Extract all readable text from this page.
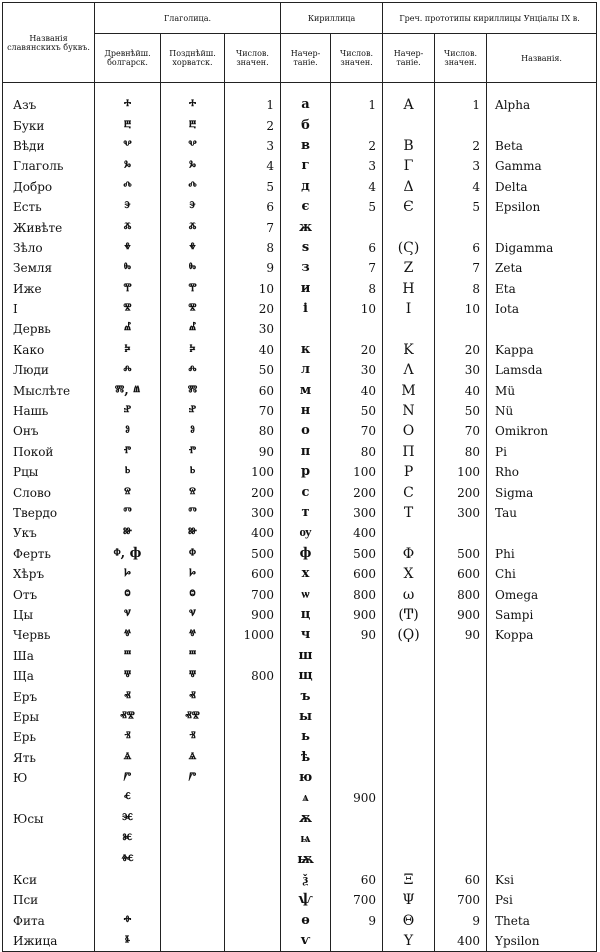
Названія славянскихъ буквъ.	Глаголица.			Кириллица		Греч. прототипы кириллицы Унціалы IX в.		
	Древнѣйш. болгарск.	Позднѣйш. хорватск.	Числов. значен.	Начер- таніе.	Числов. значен.	Начер- таніе.	Числов. значен.	Названія.
Азъ	ⰰ	ⰰ	1	а	1	Α	1	Alpha
Буки	ⰱ	ⰱ	2	б				
Вѣди	ⰲ	ⰲ	3	в	2	Β	2	Beta
Глаголь	ⰳ	ⰳ	4	г	3	Γ	3	Gamma
Добро	ⰴ	ⰴ	5	д	4	Δ	4	Delta
Есть	ⰵ	ⰵ	6	є	5	Є	5	Epsilon
Живѣте	ⰶ	ⰶ	7	ж				
Зѣло	ⰷ	ⰷ	8	ѕ	6	(Ϛ)	6	Digamma
Земля	ⰸ	ⰸ	9	з	7	Ζ	7	Zeta
Иже	ⰹ	ⰹ	10	и	8	Η	8	Eta
І	ⰺ	ⰺ	20	і	10	Ι	10	Iota
Дервь	ⰼ	ⰼ	30					
Како	ⰽ	ⰽ	40	к	20	Κ	20	Kappa
Люди	ⰾ	ⰾ	50	л	30	Λ	30	Lamsda
Мыслѣте	ⰿ, ⱞ	ⰿ	60	м	40	Μ	40	Mü
Нашь	ⱀ	ⱀ	70	н	50	Ν	50	Nü
Онъ	ⱁ	ⱁ	80	о	70	Ο	70	Omikron
Покой	ⱂ	ⱂ	90	п	80	Π	80	Pi
Рцы	ⱃ	ⱃ	100	р	100	Ρ	100	Rho
Слово	ⱄ	ⱄ	200	с	200	С	200	Sigma
Твердо	ⱅ	ⱅ	300	т	300	Τ	300	Tau
Укъ	ⱆ	ⱆ	400	ѹ	400			
Ферть	ⱇ, ф	ⱇ	500	ф	500	Φ	500	Phi
Хѣръ	ⱈ	ⱈ	600	х	600	Χ	600	Chi
Отъ	ⱉ	ⱉ	700	ѡ	800	ω	800	Omega
Цы	ⱌ	ⱌ	900	ц	900	(Ͳ)	900	Sampi
Червь	ⱍ	ⱍ	1000	ч	90	(Ϙ)	90	Koppa
Ша	ⱎ	ⱎ		ш				
Ща	ⱋ	ⱋ	800	щ				
Еръ	ⱏ	ⱏ		ъ				
Еры	ⱏⰺ	ⱏⰺ		ы				
Ерь	ⱐ	ⱐ		ь				
Ять	ⱑ	ⱑ		ѣ				
Ю	ⱓ	ⱓ		ю				
	ⱔ			ѧ	900			
Юсы	ⱗ			ѫ				
	ⱘ			ѩ				
	ⱙ			ѭ				
Кси				ѯ	60	Ξ	60	Ksi
Пси				ѱ	700	Ψ	700	Psi
Фита	ⱚ			ѳ	9	Θ	9	Theta
Ижица	ⱛ			ѵ		Υ	400	Ypsilon
